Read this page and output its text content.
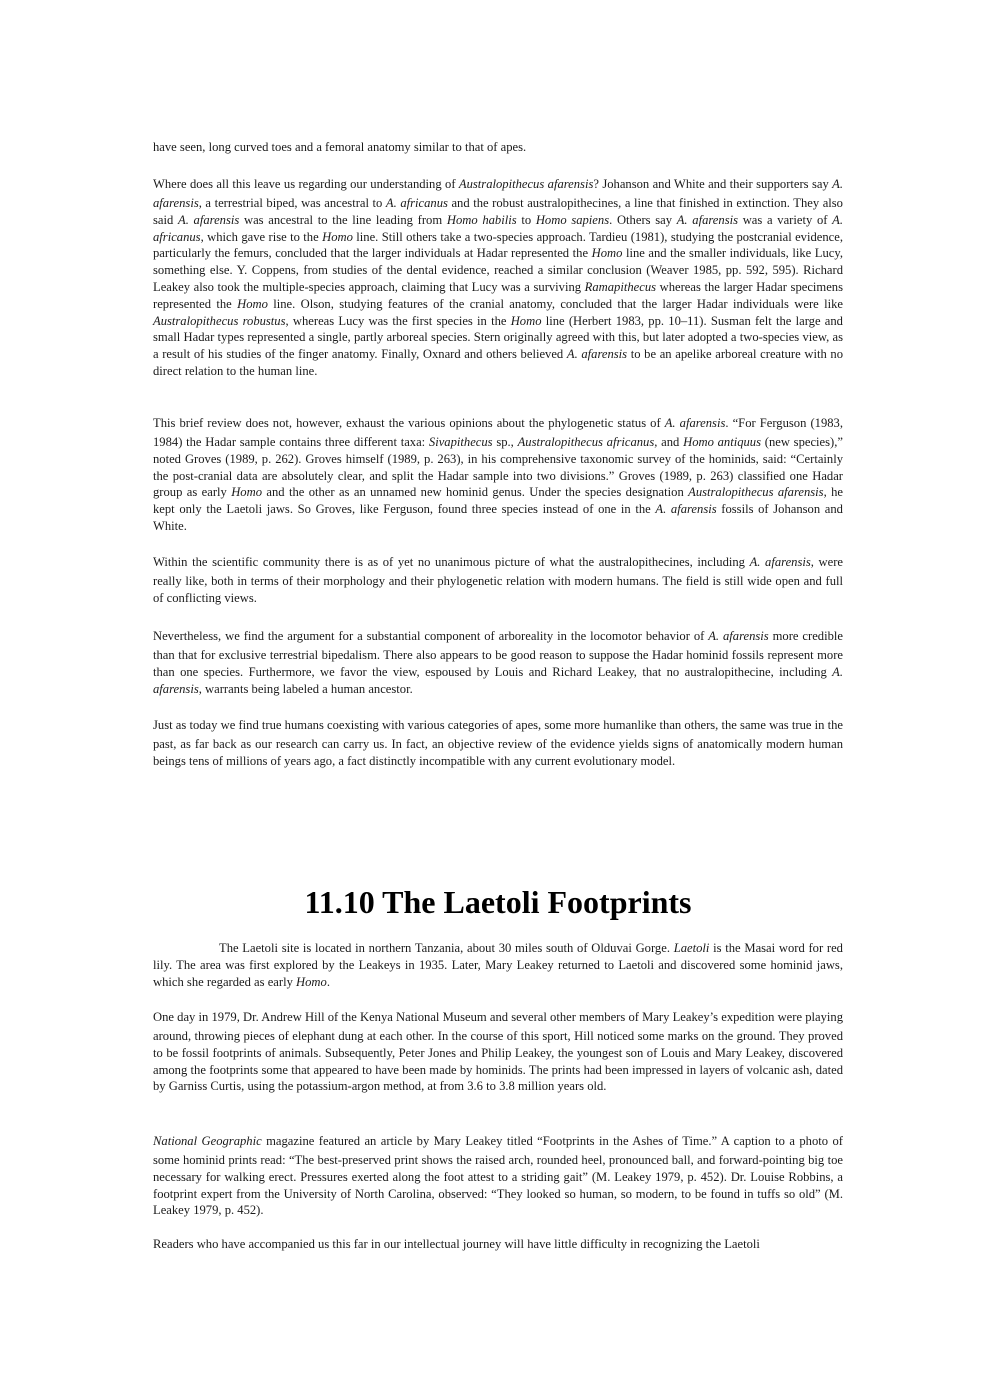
have seen, long curved toes and a femoral anatomy similar to that of apes.

Where does all this leave us regarding our understanding of Australopithecus afarensis? Johanson and White and their supporters say A. afarensis, a terrestrial biped, was ancestral to A. africanus and the robust australopithecines, a line that finished in extinction. They also said A. afarensis was ancestral to the line leading from Homo habilis to Homo sapiens. Others say A. afarensis was a variety of A. africanus, which gave rise to the Homo line. Still others take a two-species approach. Tardieu (1981), studying the postcranial evidence, particularly the femurs, concluded that the larger individuals at Hadar represented the Homo line and the smaller individuals, like Lucy, something else. Y. Coppens, from studies of the dental evidence, reached a similar conclusion (Weaver 1985, pp. 592, 595). Richard Leakey also took the multiple-species approach, claiming that Lucy was a surviving Ramapithecus whereas the larger Hadar specimens represented the Homo line. Olson, studying features of the cranial anatomy, concluded that the larger Hadar individuals were like Australopithecus robustus, whereas Lucy was the first species in the Homo line (Herbert 1983, pp. 10–11). Susman felt the large and small Hadar types represented a single, partly arboreal species. Stern originally agreed with this, but later adopted a two-species view, as a result of his studies of the finger anatomy. Finally, Oxnard and others believed A. afarensis to be an apelike arboreal creature with no direct relation to the human line.

This brief review does not, however, exhaust the various opinions about the phylogenetic status of A. afarensis. “For Ferguson (1983, 1984) the Hadar sample contains three different taxa: Sivapithecus sp., Australopithecus africanus, and Homo antiquus (new species),” noted Groves (1989, p. 262). Groves himself (1989, p. 263), in his comprehensive taxonomic survey of the hominids, said: “Certainly the post-cranial data are absolutely clear, and split the Hadar sample into two divisions.” Groves (1989, p. 263) classified one Hadar group as early Homo and the other as an unnamed new hominid genus. Under the species designation Australopithecus afarensis, he kept only the Laetoli jaws. So Groves, like Ferguson, found three species instead of one in the A. afarensis fossils of Johanson and White.

Within the scientific community there is as of yet no unanimous picture of what the australopithecines, including A. afarensis, were really like, both in terms of their morphology and their phylogenetic relation with modern humans. The field is still wide open and full of conflicting views.

Nevertheless, we find the argument for a substantial component of arboreality in the locomotor behavior of A. afarensis more credible than that for exclusive terrestrial bipedalism. There also appears to be good reason to suppose the Hadar hominid fossils represent more than one species. Furthermore, we favor the view, espoused by Louis and Richard Leakey, that no australopithecine, including A. afarensis, warrants being labeled a human ancestor.

Just as today we find true humans coexisting with various categories of apes, some more humanlike than others, the same was true in the past, as far back as our research can carry us. In fact, an objective review of the evidence yields signs of anatomically modern human beings tens of millions of years ago, a fact distinctly incompatible with any current evolutionary model.

11.10 The Laetoli Footprints

The Laetoli site is located in northern Tanzania, about 30 miles south of Olduvai Gorge. Laetoli is the Masai word for red lily. The area was first explored by the Leakeys in 1935. Later, Mary Leakey returned to Laetoli and discovered some hominid jaws, which she regarded as early Homo.

One day in 1979, Dr. Andrew Hill of the Kenya National Museum and several other members of Mary Leakey’s expedition were playing around, throwing pieces of elephant dung at each other. In the course of this sport, Hill noticed some marks on the ground. They proved to be fossil footprints of animals. Subsequently, Peter Jones and Philip Leakey, the youngest son of Louis and Mary Leakey, discovered among the footprints some that appeared to have been made by hominids. The prints had been impressed in layers of volcanic ash, dated by Garniss Curtis, using the potassium-argon method, at from 3.6 to 3.8 million years old.

National Geographic magazine featured an article by Mary Leakey titled “Footprints in the Ashes of Time.” A caption to a photo of some hominid prints read: “The best-preserved print shows the raised arch, rounded heel, pronounced ball, and forward-pointing big toe necessary for walking erect. Pressures exerted along the foot attest to a striding gait” (M. Leakey 1979, p. 452). Dr. Louise Robbins, a footprint expert from the University of North Carolina, observed: “They looked so human, so modern, to be found in tuffs so old” (M. Leakey 1979, p. 452).

Readers who have accompanied us this far in our intellectual journey will have little difficulty in recognizing the Laetoli
